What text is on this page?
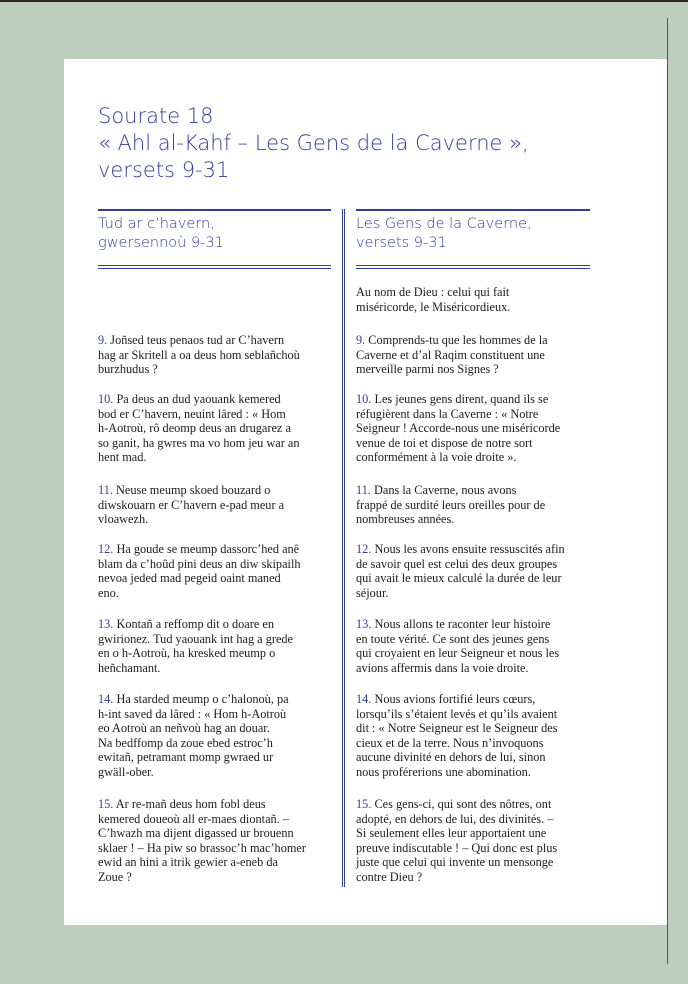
Sourate 18
« Ahl al-Kahf – Les Gens de la Caverne »,
versets 9-31
Tud ar c’havern,
gwersennoù 9-31

9. Joñsed teus penaos tud ar C’havern
hag ar Skritell a oa deus hom seblañchoù
burzhudus ?

10. Pa deus an dud yaouank kemered
bod er C’havern, neuint lâred : « Hom
h-Aotroù, rô deomp deus an drugarez a
so ganit, ha gwres ma vo hom jeu war an
hent mad.

11. Neuse meump skoed bouzard o
diwskouarn er C’havern e-pad meur a
vloawezh.

12. Ha goude se meump dassorc’hed anê
blam da c’hoûd pini deus an diw skipailh
nevoa jeded mad pegeid oaint maned
eno.

13. Kontañ a reffomp dit o doare en
gwirionez. Tud yaouank int hag a grede
en o h-Aotroù, ha kresked meump o
heñchamant.

14. Ha starded meump o c’halonoù, pa
h-int saved da lâred : « Hom h-Aotroù
eo Aotroù an neñvoù hag an douar.
Na bedffomp da zoue ebed estroc’h
ewitañ, petramant momp gwraed ur
gwäll-ober.

15. Ar re-mañ deus hom fobl deus
kemered doueoù all er-maes diontañ. –
C’hwazh ma dijent digassed ur brouenn
sklaer ! – Ha piw so brassoc’h mac’homer
ewid an hini a itrik gewier a-eneb da
Zoue ?

Les Gens de la Caverne,
versets 9-31

Au nom de Dieu : celui qui fait
miséricorde, le Miséricordieux.

9. Comprends-tu que les hommes de la
Caverne et d’al Raqim constituent une
merveille parmi nos Signes ?

10. Les jeunes gens dirent, quand ils se
réfugièrent dans la Caverne : « Notre
Seigneur ! Accorde-nous une miséricorde
venue de toi et dispose de notre sort
conformément à la voie droite ».

11. Dans la Caverne, nous avons
frappé de surdité leurs oreilles pour de
nombreuses années.

12. Nous les avons ensuite ressuscités afin
de savoir quel est celui des deux groupes
qui avait le mieux calculé la durée de leur
séjour.

13. Nous allons te raconter leur histoire
en toute vérité. Ce sont des jeunes gens
qui croyaient en leur Seigneur et nous les
avions affermis dans la voie droite.

14. Nous avions fortifié leurs cœurs,
lorsqu’ils s’étaient levés et qu’ils avaient
dit : « Notre Seigneur est le Seigneur des
cieux et de la terre. Nous n’invoquons
aucune divinité en dehors de lui, sinon
nous proférerions une abomination.

15. Ces gens-ci, qui sont des nôtres, ont
adopté, en dehors de lui, des divinités. –
Si seulement elles leur apportaient une
preuve indiscutable ! – Qui donc est plus
juste que celui qui invente un mensonge
contre Dieu ?
